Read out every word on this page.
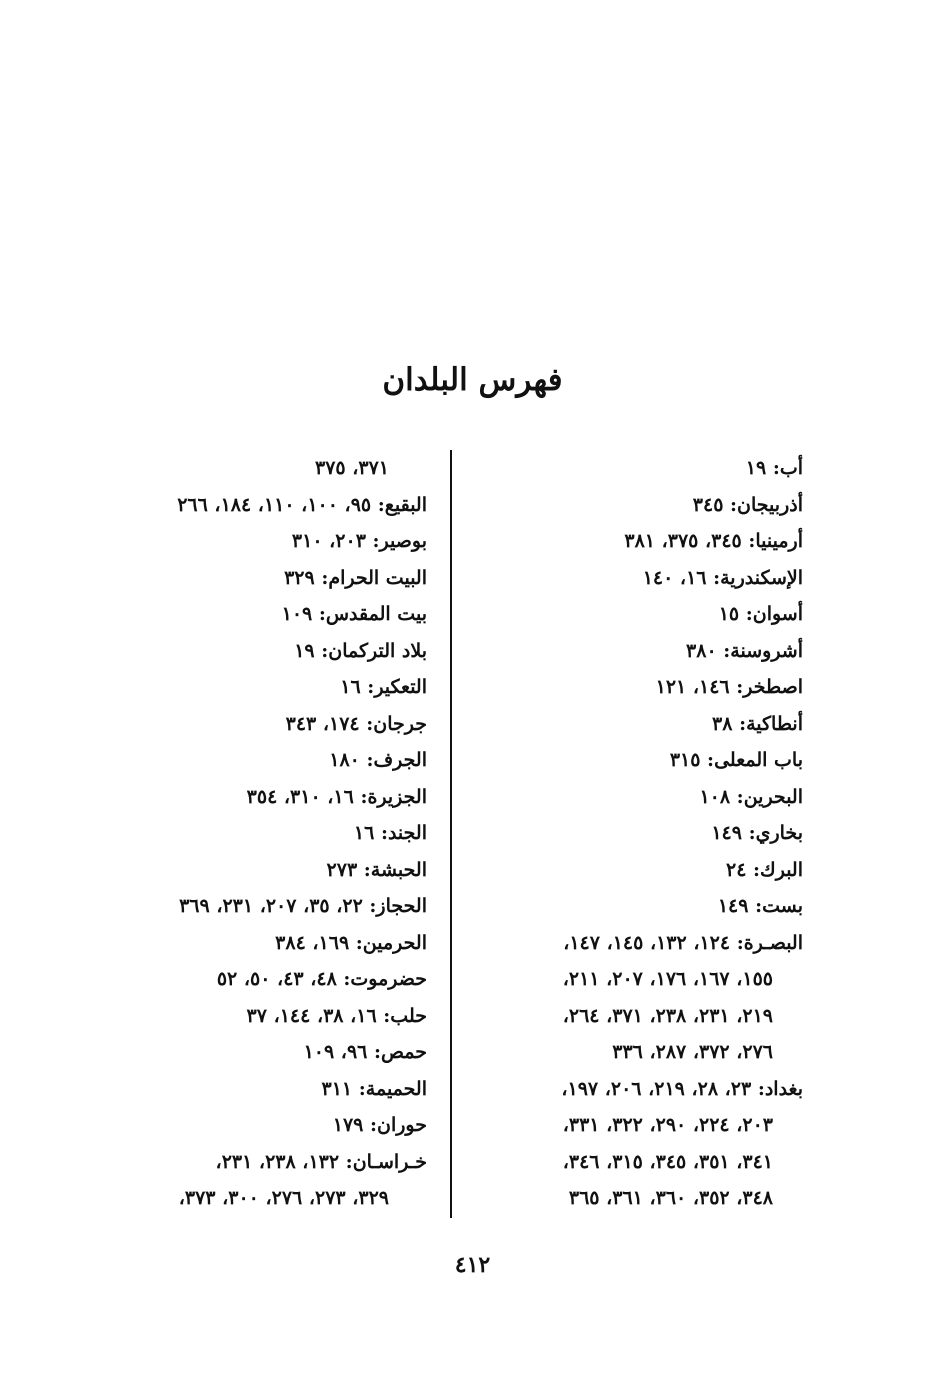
فهرس البلدان
أب: ١٩
أذربيجان: ٣٤٥
أرمينيا: ٣٤٥، ٣٧٥، ٣٨١
الإسكندرية: ١٦، ١٤٠
أسوان: ١٥
أشروسنة: ٣٨٠
اصطخر: ١٤٦، ١٢١
أنطاكية: ٣٨
باب المعلى: ٣١٥
البحرين: ١٠٨
بخاري: ١٤٩
البرك: ٢٤
بست: ١٤٩
البصـرة: ١٢٤، ١٣٢، ١٤٥، ١٤٧،
١٥٥، ١٦٧، ١٧٦، ٢٠٧، ٢١١،
٢١٩، ٢٣١، ٢٣٨، ٣٧١، ٢٦٤،
٢٧٦، ٣٧٢، ٢٨٧، ٣٣٦
بغداد: ٢٣، ٢٨، ٢١٩، ٢٠٦، ١٩٧،
٢٠٣، ٢٢٤، ٢٩٠، ٣٢٢، ٣٣١،
٣٤١، ٣٥١، ٣٤٥، ٣١٥، ٣٤٦،
٣٤٨، ٣٥٢، ٣٦٠، ٣٦١، ٣٦٥
٣٧١، ٣٧٥
البقيع: ٩٥، ١٠٠، ١١٠، ١٨٤، ٢٦٦
بوصير: ٢٠٣، ٣١٠
البيت الحرام: ٣٢٩
بيت المقدس: ١٠٩
بلاد التركمان: ١٩
التعكير: ١٦
جرجان: ١٧٤، ٣٤٣
الجرف: ١٨٠
الجزيرة: ١٦، ٣١٠، ٣٥٤
الجند: ١٦
الحبشة: ٢٧٣
الحجاز: ٢٢، ٣٥، ٢٠٧، ٢٣١، ٣٦٩
الحرمين: ١٦٩، ٣٨٤
حضرموت: ٤٨، ٤٣، ٥٠، ٥٢
حلب: ١٦، ٣٨، ١٤٤، ٣٧
حمص: ٩٦، ١٠٩
الحميمة: ٣١١
حوران: ١٧٩
خـراسـان: ١٣٢، ٢٣٨، ٢٣١،
٣٢٩، ٢٧٣، ٢٧٦، ٣٠٠، ٣٧٣،
٤١٢
